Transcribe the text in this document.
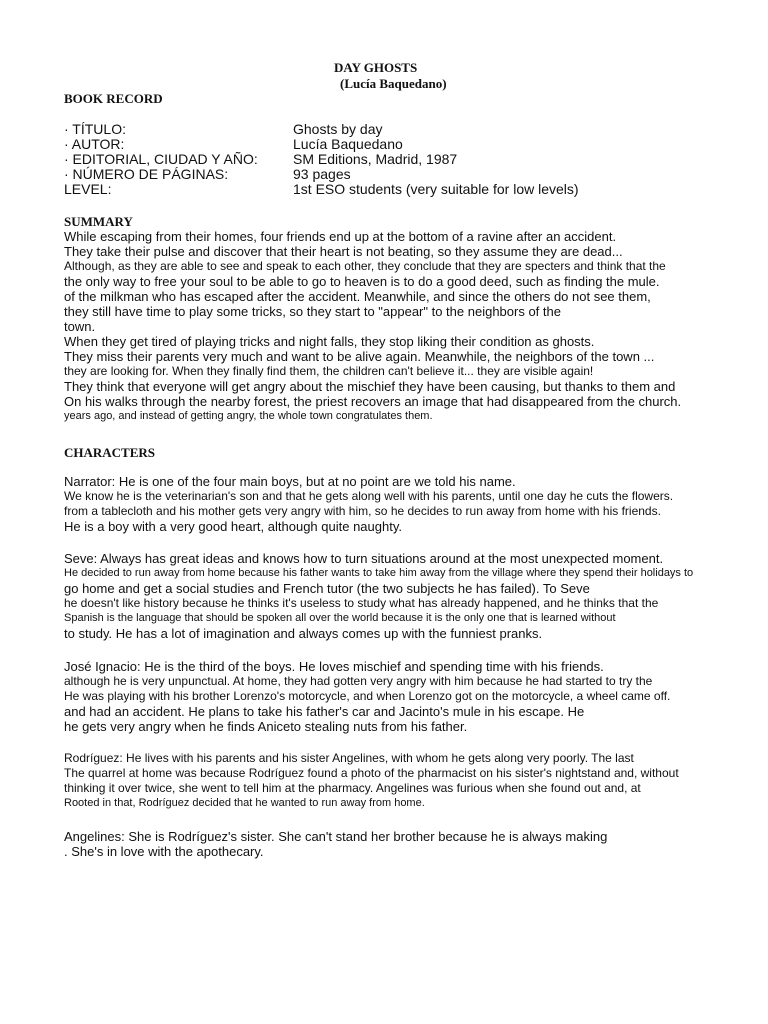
DAY GHOSTS
(Lucía Baquedano)
BOOK RECORD
· TÍTULO:	Ghosts by day
· AUTOR:	Lucía Baquedano
· EDITORIAL, CIUDAD Y AÑO:	SM Editions, Madrid, 1987
· NÚMERO DE PÁGINAS:	93 pages
LEVEL:	1st ESO students (very suitable for low levels)
SUMMARY
While escaping from their homes, four friends end up at the bottom of a ravine after an accident.
They take their pulse and discover that their heart is not beating, so they assume they are dead...
Although, as they are able to see and speak to each other, they conclude that they are specters and think that the
the only way to free your soul to be able to go to heaven is to do a good deed, such as finding the mule.
of the milkman who has escaped after the accident. Meanwhile, and since the others do not see them,
they still have time to play some tricks, so they start to "appear" to the neighbors of the
town.
When they get tired of playing tricks and night falls, they stop liking their condition as ghosts.
They miss their parents very much and want to be alive again. Meanwhile, the neighbors of the town ...
they are looking for. When they finally find them, the children can't believe it... they are visible again!
They think that everyone will get angry about the mischief they have been causing, but thanks to them and
On his walks through the nearby forest, the priest recovers an image that had disappeared from the church.
years ago, and instead of getting angry, the whole town congratulates them.
CHARACTERS
Narrator: He is one of the four main boys, but at no point are we told his name.
We know he is the veterinarian's son and that he gets along well with his parents, until one day he cuts the flowers.
from a tablecloth and his mother gets very angry with him, so he decides to run away from home with his friends.
He is a boy with a very good heart, although quite naughty.
Seve: Always has great ideas and knows how to turn situations around at the most unexpected moment.
He decided to run away from home because his father wants to take him away from the village where they spend their holidays to
go home and get a social studies and French tutor (the two subjects he has failed). To Seve
he doesn't like history because he thinks it's useless to study what has already happened, and he thinks that the
Spanish is the language that should be spoken all over the world because it is the only one that is learned without
to study. He has a lot of imagination and always comes up with the funniest pranks.
José Ignacio: He is the third of the boys. He loves mischief and spending time with his friends.
although he is very unpunctual. At home, they had gotten very angry with him because he had started to try the
He was playing with his brother Lorenzo's motorcycle, and when Lorenzo got on the motorcycle, a wheel came off.
and had an accident. He plans to take his father's car and Jacinto's mule in his escape. He
he gets very angry when he finds Aniceto stealing nuts from his father.
Rodríguez: He lives with his parents and his sister Angelines, with whom he gets along very poorly. The last
The quarrel at home was because Rodríguez found a photo of the pharmacist on his sister's nightstand and, without
thinking it over twice, she went to tell him at the pharmacy. Angelines was furious when she found out and, at
Rooted in that, Rodríguez decided that he wanted to run away from home.
Angelines: She is Rodríguez's sister. She can't stand her brother because he is always making
. She's in love with the apothecary.
